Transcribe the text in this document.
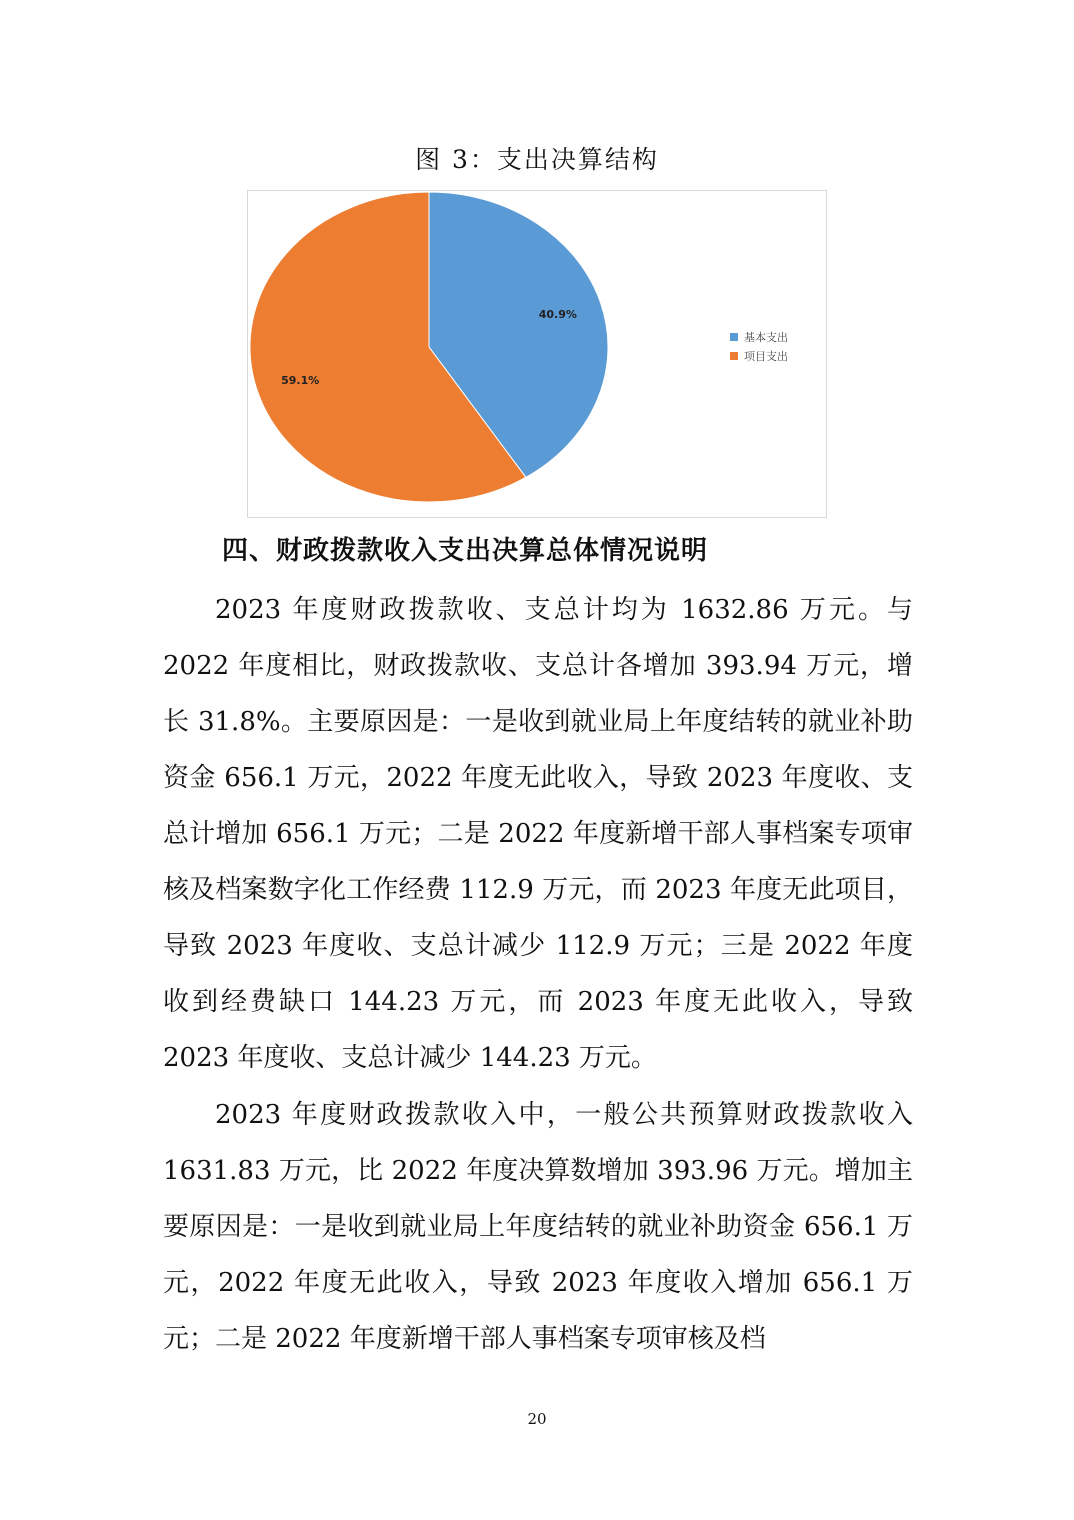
图 3：支出决算结构
40.9%
59.1%
基本支出
项目支出
四、财政拨款收入支出决算总体情况说明

2023 年度财政拨款收、支总计均为 1632.86 万元。与 2022 年度相比，财政拨款收、支总计各增加 393.94 万元，增长 31.8%。主要原因是：一是收到就业局上年度结转的就业补助资金 656.1 万元，2022 年度无此收入，导致 2023 年度收、支总计增加 656.1 万元；二是 2022 年度新增干部人事档案专项审核及档案数字化工作经费 112.9 万元，而 2023 年度无此项目，导致 2023 年度收、支总计减少 112.9 万元；三是 2022 年度收到经费缺口 144.23 万元，而 2023 年度无此收入，导致 2023 年度收、支总计减少 144.23 万元。

2023 年度财政拨款收入中，一般公共预算财政拨款收入 1631.83 万元，比 2022 年度决算数增加 393.96 万元。增加主要原因是：一是收到就业局上年度结转的就业补助资金 656.1 万元，2022 年度无此收入，导致 2023 年度收入增加 656.1 万元；二是 2022 年度新增干部人事档案专项审核及档

20
